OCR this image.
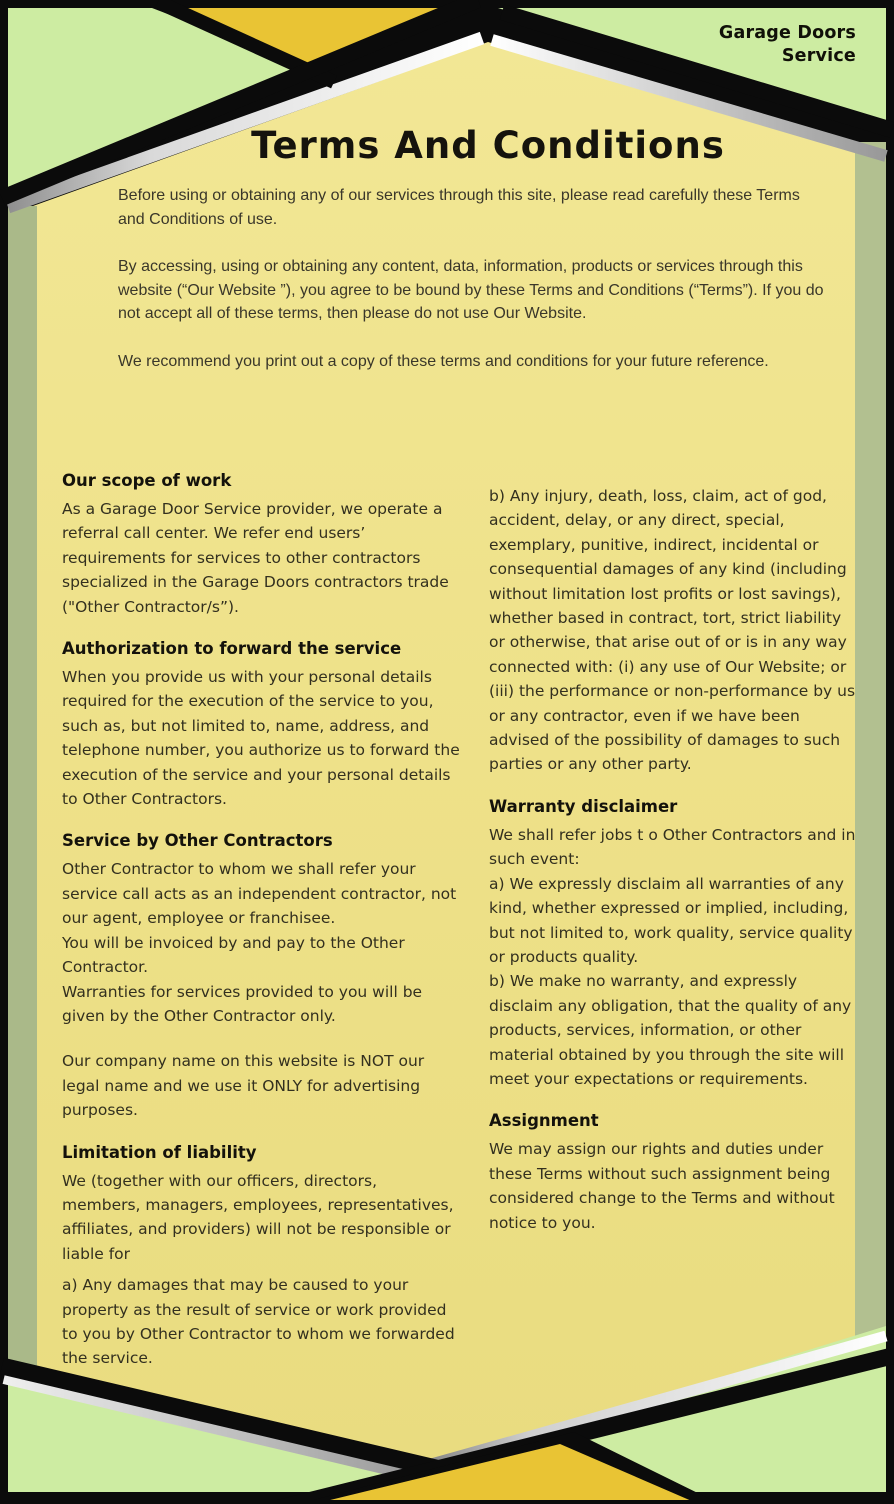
Garage Doors
Service
Terms And Conditions

Before using or obtaining any of our services through this site, please read carefully these Terms and Conditions of use.

By accessing, using or obtaining any content, data, information, products or services through this website (“Our Website ”), you agree to be bound by these Terms and Conditions (“Terms”). If you do not accept all of these terms, then please do not use Our Website.

We recommend you print out a copy of these terms and conditions for your future reference.

Our scope of work

As a Garage Door Service provider, we operate a referral call center. We refer end users’ requirements for services to other contractors specialized in the Garage Doors contractors trade ("Other Contractor/s”).

Authorization to forward the service

When you provide us with your personal details required for the execution of the service to you, such as, but not limited to, name, address, and telephone number, you authorize us to forward the execution of the service and your personal details to Other Contractors.

Service by Other Contractors

Other Contractor to whom we shall refer your service call acts as an independent contractor, not our agent, employee or franchisee.

You will be invoiced by and pay to the Other Contractor.

Warranties for services provided to you will be given by the Other Contractor only.

Our company name on this website is NOT our legal name and we use it ONLY for advertising purposes.

Limitation of liability

We (together with our officers, directors, members, managers, employees, representatives, affiliates, and providers) will not be responsible or liable for

a) Any damages that may be caused to your property as the result of service or work provided to you by Other Contractor to whom we forwarded the service.

b) Any injury, death, loss, claim, act of god, accident, delay, or any direct, special, exemplary, punitive, indirect, incidental or consequential damages of any kind (including without limitation lost profits or lost savings), whether based in contract, tort, strict liability or otherwise, that arise out of or is in any way connected with: (i) any use of Our Website; or (iii) the performance or non-performance by us or any contractor, even if we have been advised of the possibility of damages to such parties or any other party.

Warranty disclaimer

We shall refer jobs t o Other Contractors and in such event:

a) We expressly disclaim all warranties of any kind, whether expressed or implied, including, but not limited to, work quality, service quality or products quality.

b) We make no warranty, and expressly disclaim any obligation, that the quality of any products, services, information, or other material obtained by you through the site will meet your expectations or requirements.

Assignment

We may assign our rights and duties under these Terms without such assignment being considered change to the Terms and without notice to you.
